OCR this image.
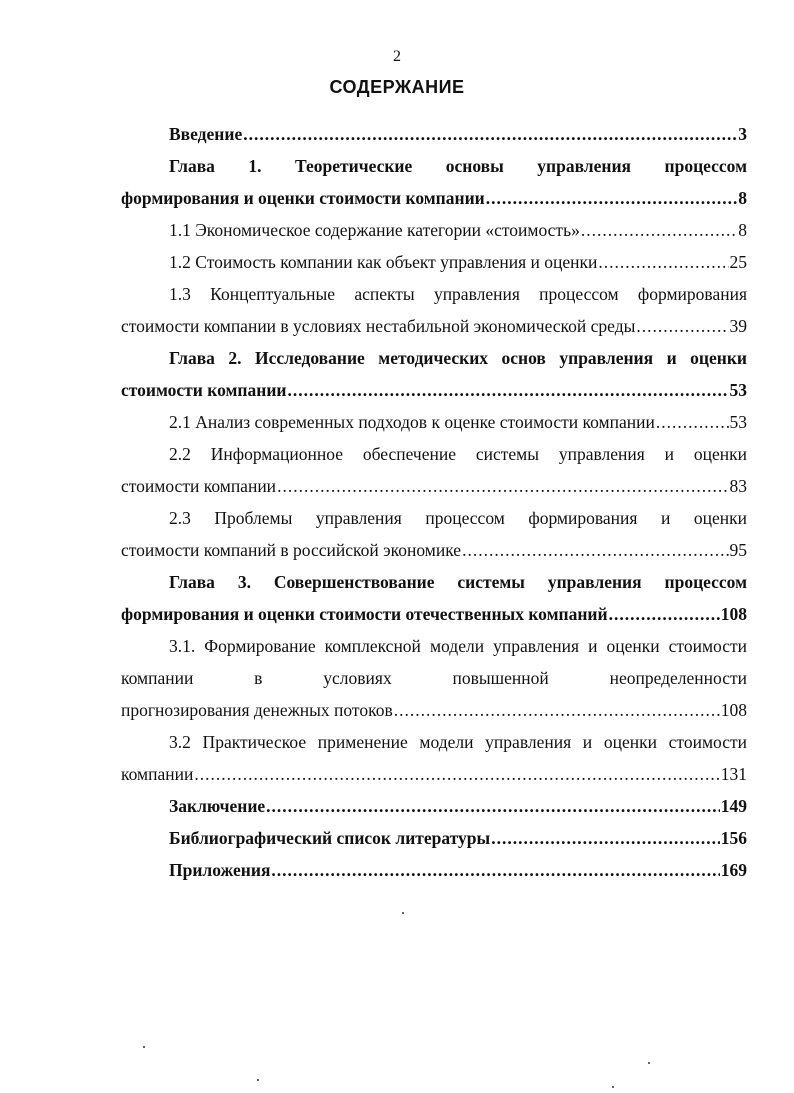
2
СОДЕРЖАНИЕ
Введение .....	3
Глава 1. Теоретические основы управления процессом
формирования и оценки стоимости компании .....	8
1.1 Экономическое содержание категории «стоимость» .....	8
1.2 Стоимость компании как объект управления и оценки .....	25
1.3 Концептуальные аспекты управления процессом формирования
стоимости компании в условиях нестабильной экономической среды .....	39
Глава 2. Исследование методических основ управления и оценки
стоимости компании .....	53
2.1 Анализ современных подходов к оценке стоимости компании .....	53
2.2 Информационное обеспечение системы управления и оценки
стоимости компании .....	83
2.3 Проблемы управления процессом формирования и оценки
стоимости компаний в российской экономике .....	95
Глава 3. Совершенствование системы управления процессом
формирования и оценки стоимости отечественных компаний .....	108
3.1. Формирование комплексной модели управления и оценки стоимости компании в условиях повышенной неопределенности
прогнозирования денежных потоков .....	108
3.2 Практическое применение модели управления и оценки стоимости
компании .....	131
Заключение .....	149
Библиографический список литературы .....	156
Приложения .....	169
